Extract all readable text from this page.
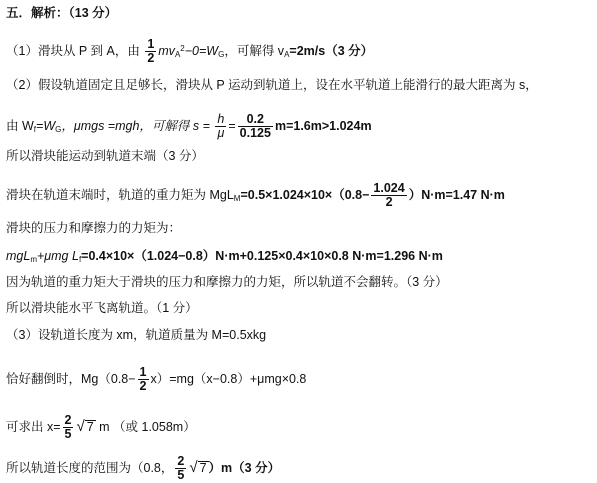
五．解析：（13 分）
（1）滑块从 P 到 A，由 $\frac{1}{2} mv_A^2-0=W_G$，可解得 $v_A=2m/s(3$ 分）
（2）假设轨道固定且足够长，滑块从 P 运动到轨道上，设在水平轨道上能滑行的最大距离为 s，
由 $W_f=W_G$，μmgs =mgh，可解得 $s = \frac{h}{\mu} = \frac{0.2}{0.125} m=1.6m>1.024m$
所以滑块能运动到轨道末端（3 分）
滑块在轨道末端时，轨道的重力矩为 $MgL_M=0.5\times 1.024\times 10\times(0.8- \frac{1.024}{2} )N\cdot m=1.47$ N·m
滑块的压力和摩擦力的力矩为：
mgL$_m$+μmg $L_f=0.4\times 10\times(1.024-0.8)N\cdot m+0.125\times 0.4\times 10\times 0.8$ N·m=1.296 N·m
因为轨道的重力矩大于滑块的压力和摩擦力的力矩，所以轨道不会翻转。（3 分）
所以滑块能水平飞离轨道。（1 分）
（3）设轨道长度为 xm，轨道质量为 M=0.5xkg
恰好翻倒时，$Mg(0.8- \frac{1}{2} x)=mg(x-0.8)+\mu mg\times 0.8$
可求出 $x= \frac{2}{5}$ √ 7 m （或 1.058m）
所以轨道长度的范围为（0.8， $\frac{2}{5}$ √ 7 ）m（3 分）
